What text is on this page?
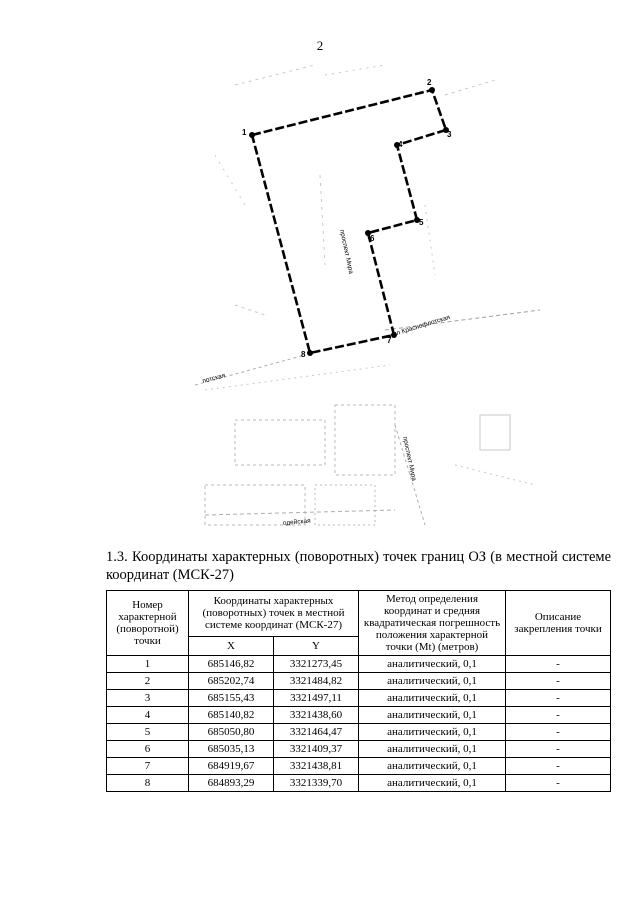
2
1
2
3
4
5
6
7
8
проспект Мира
ул Краснофлотская
проспект Мира
потская
одейская
1.3. Координаты характерных (поворотных) точек границ ОЗ (в местной системе координат (МСК-27)
Номер характерной (поворотной) точки	Координаты характерных (поворотных) точек в местной системе координат (МСК-27)		Метод определения координат и средняя квадратическая погрешность положения характерной точки (Mt) (метров)	Описание закрепления точки
	X	Y		
1	685146,82	3321273,45	аналитический, 0,1	-
2	685202,74	3321484,82	аналитический, 0,1	-
3	685155,43	3321497,11	аналитический, 0,1	-
4	685140,82	3321438,60	аналитический, 0,1	-
5	685050,80	3321464,47	аналитический, 0,1	-
6	685035,13	3321409,37	аналитический, 0,1	-
7	684919,67	3321438,81	аналитический, 0,1	-
8	684893,29	3321339,70	аналитический, 0,1	-
